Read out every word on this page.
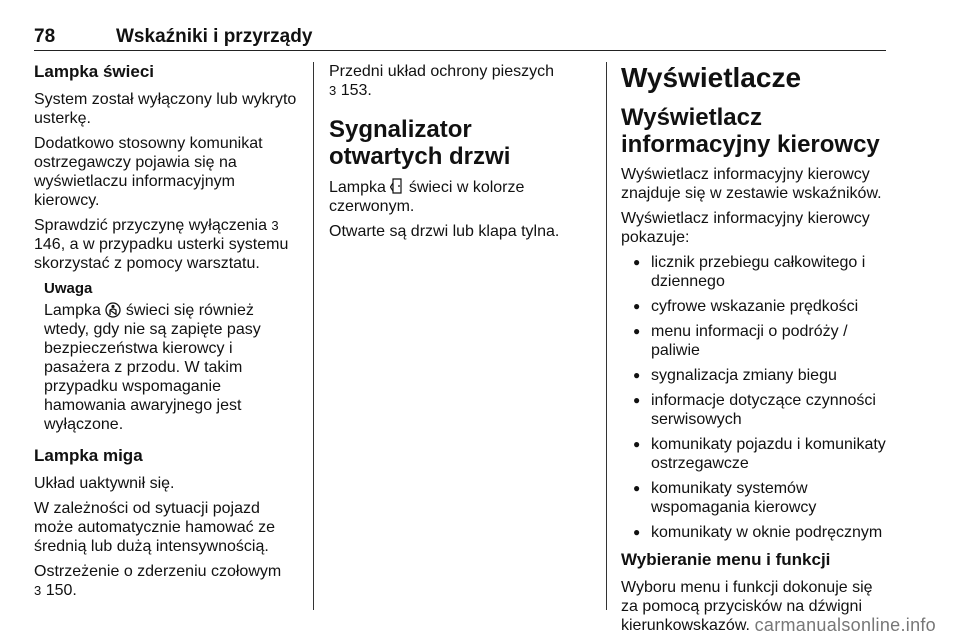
78	Wskaźniki i przyrządy
Lampka świeci

System został wyłączony lub wykryto usterkę.

Dodatkowo stosowny komunikat ostrzegawczy pojawia się na wyświetlaczu informacyjnym kierowcy.

Sprawdzić przyczynę wyłączenia 3 146, a w przypadku usterki systemu skorzystać z pomocy warsztatu.

Uwaga

Lampka  świeci się również wtedy, gdy nie są zapięte pasy bezpieczeństwa kierowcy i pasażera z przodu. W takim przypadku wspomaganie hamowania awaryjnego jest wyłączone.

Lampka miga

Układ uaktywnił się.

W zależności od sytuacji pojazd może automatycznie hamować ze średnią lub dużą intensywnością.

Ostrzeżenie o zderzeniu czołowym
3 150.

Przedni układ ochrony pieszych
3 153.

Sygnalizator otwartych drzwi

Lampka  świeci w kolorze czerwonym.

Otwarte są drzwi lub klapa tylna.

Wyświetlacze
Wyświetlacz informacyjny kierowcy

Wyświetlacz informacyjny kierowcy znajduje się w zestawie wskaźników.

Wyświetlacz informacyjny kierowcy pokazuje:

● licznik przebiegu całkowitego i dziennego
● cyfrowe wskazanie prędkości
● menu informacji o podróży / paliwie
● sygnalizacja zmiany biegu
● informacje dotyczące czynności serwisowych
● komunikaty pojazdu i komunikaty ostrzegawcze
● komunikaty systemów wspomagania kierowcy
● komunikaty w oknie podręcznym
Wybieranie menu i funkcji

Wyboru menu i funkcji dokonuje się za pomocą przycisków na dźwigni kierunkowskazów. carmanualsonline.info
